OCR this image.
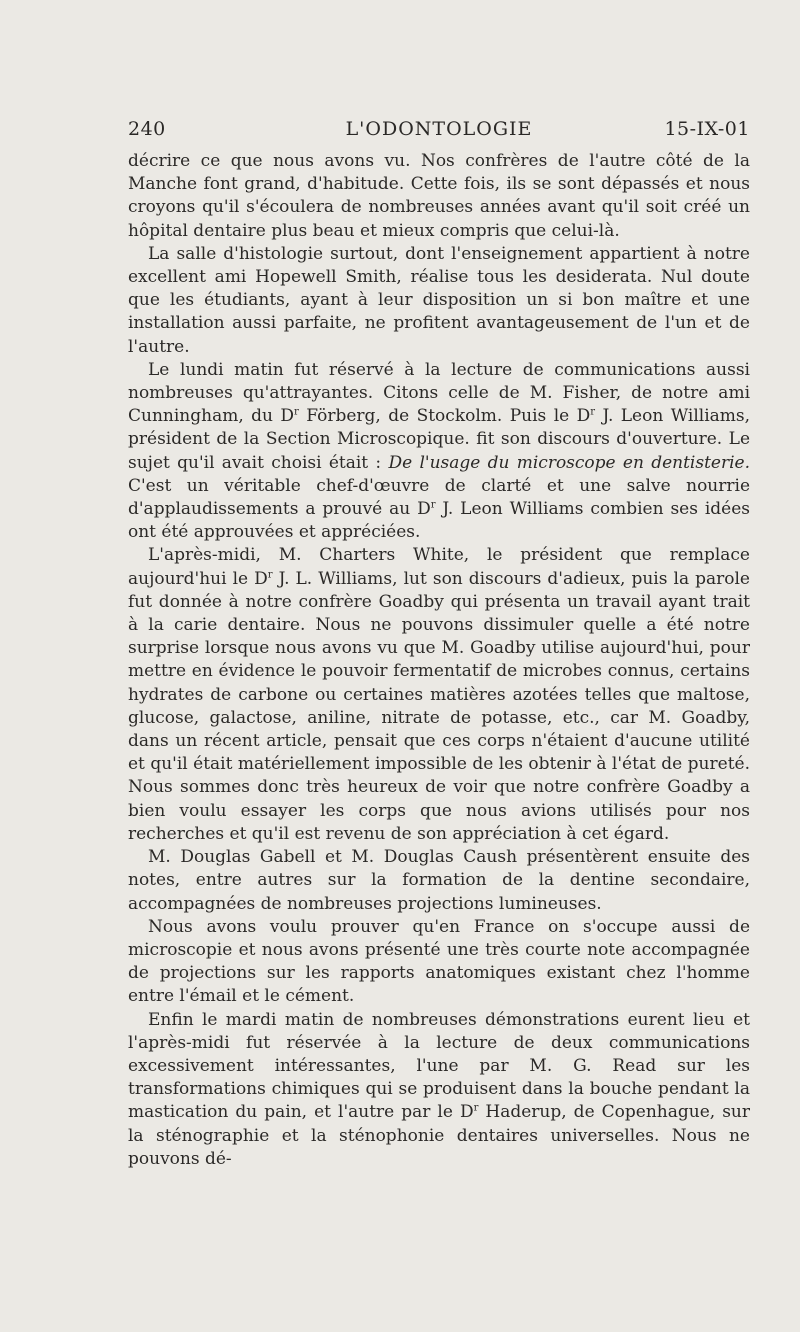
240	L'ODONTOLOGIE	15-IX-01

décrire ce que nous avons vu. Nos confrères de l'autre côté de la Manche font grand, d'habitude. Cette fois, ils se sont dépassés et nous croyons qu'il s'écoulera de nombreuses années avant qu'il soit créé un hôpital dentaire plus beau et mieux compris que celui-là.

La salle d'histologie surtout, dont l'enseignement appartient à notre excellent ami Hopewell Smith, réalise tous les desiderata. Nul doute que les étudiants, ayant à leur disposition un si bon maître et une installation aussi parfaite, ne profitent avantageusement de l'un et de l'autre.

Le lundi matin fut réservé à la lecture de communications aussi nombreuses qu'attrayantes. Citons celle de M. Fisher, de notre ami Cunningham, du $D^r$ Förberg, de Stockolm. Puis le $D^r$ J. Leon Williams, président de la Section Microscopique. fit son discours d'ouverture. Le sujet qu'il avait choisi était : De l'usage du microscope en dentisterie. C'est un véritable chef-d'œuvre de clarté et une salve nourrie d'applaudissements a prouvé au $D^r$ J. Leon Williams combien ses idées ont été approuvées et appréciées.

L'après-midi, M. Charters White, le président que remplace aujourd'hui le $D^r$ J. L. Williams, lut son discours d'adieux, puis la parole fut donnée à notre confrère Goadby qui présenta un travail ayant trait à la carie dentaire. Nous ne pouvons dissimuler quelle a été notre surprise lorsque nous avons vu que M. Goadby utilise aujourd'hui, pour mettre en évidence le pouvoir fermentatif de microbes connus, certains hydrates de carbone ou certaines matières azotées telles que maltose, glucose, galactose, aniline, nitrate de potasse, etc., car M. Goadby, dans un récent article, pensait que ces corps n'étaient d'aucune utilité et qu'il était matériellement impossible de les obtenir à l'état de pureté. Nous sommes donc très heureux de voir que notre confrère Goadby a bien voulu essayer les corps que nous avions utilisés pour nos recherches et qu'il est revenu de son appréciation à cet égard.

M. Douglas Gabell et M. Douglas Caush présentèrent ensuite des notes, entre autres sur la formation de la dentine secondaire, accompagnées de nombreuses projections lumineuses.

Nous avons voulu prouver qu'en France on s'occupe aussi de microscopie et nous avons présenté une très courte note accompagnée de projections sur les rapports anatomiques existant chez l'homme entre l'émail et le cément.

Enfin le mardi matin de nombreuses démonstrations eurent lieu et l'après-midi fut réservée à la lecture de deux communications excessivement intéressantes, l'une par M. G. Read sur les transformations chimiques qui se produisent dans la bouche pendant la mastication du pain, et l'autre par le $D^r$ Haderup, de Copenhague, sur la sténographie et la sténophonie dentaires universelles. Nous ne pouvons dé-
